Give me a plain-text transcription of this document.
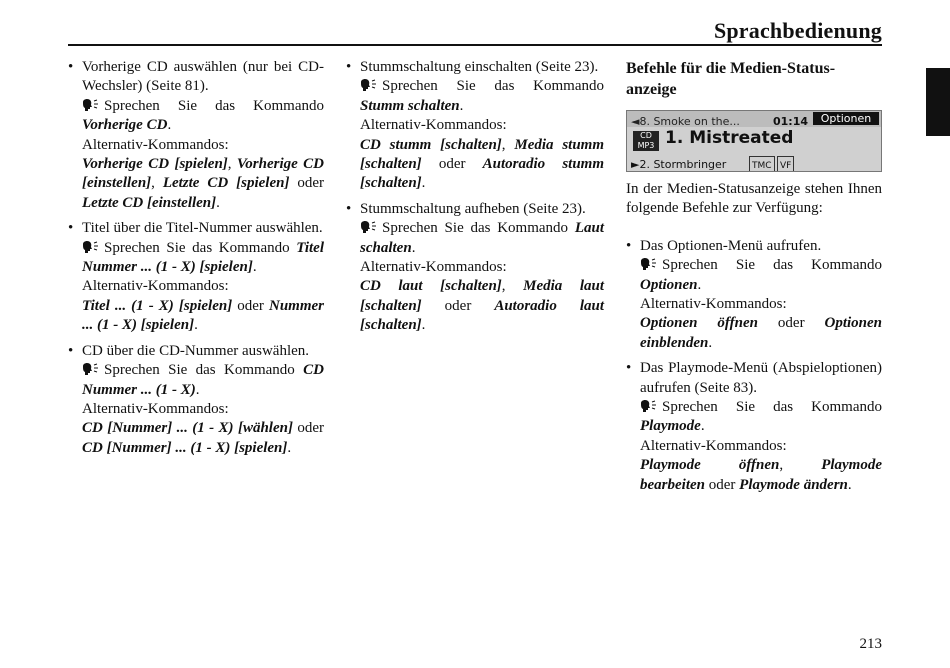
Sprachbedienung
• Vorherige CD auswählen (nur bei CD-Wechsler) (Seite 81).
Sprechen Sie das Kommando Vorherige CD.
Alternativ-Kommandos:
Vorherige CD [spielen], Vorherige CD [einstellen], Letzte CD [spielen] oder Letzte CD [einstellen].
• Titel über die Titel-Nummer auswählen.
Sprechen Sie das Kommando Titel Nummer ... (1 - X) [spielen].
Alternativ-Kommandos:
Titel ... (1 - X) [spielen] oder Nummer ... (1 - X) [spielen].
• CD über die CD-Nummer auswählen.
Sprechen Sie das Kommando CD Nummer ... (1 - X).
Alternativ-Kommandos:
CD [Nummer] ... (1 - X) [wählen] oder CD [Nummer] ... (1 - X) [spielen].
• Stummschaltung einschalten (Seite 23).
Sprechen Sie das Kommando Stumm schalten.
Alternativ-Kommandos:
CD stumm [schalten], Media stumm [schalten] oder Autoradio stumm [schalten].
• Stummschaltung aufheben (Seite 23).
Sprechen Sie das Kommando Laut schalten.
Alternativ-Kommandos:
CD laut [schalten], Media laut [schalten] oder Autoradio laut [schalten].
Befehle für die Medien-Status-anzeige
◄8. Smoke on the...	01:14	Optionen
CD MP3 1. Mistreated
►2. Stormbringer	TMC VF
In der Medien-Statusanzeige stehen Ihnen folgende Befehle zur Verfügung:
• Das Optionen-Menü aufrufen.
Sprechen Sie das Kommando Optionen.
Alternativ-Kommandos:
Optionen öffnen oder Optionen einblenden.
• Das Playmode-Menü (Abspieloptionen) aufrufen (Seite 83).
Sprechen Sie das Kommando Playmode.
Alternativ-Kommandos:
Playmode öffnen, Playmode bearbeiten oder Playmode ändern.
213
